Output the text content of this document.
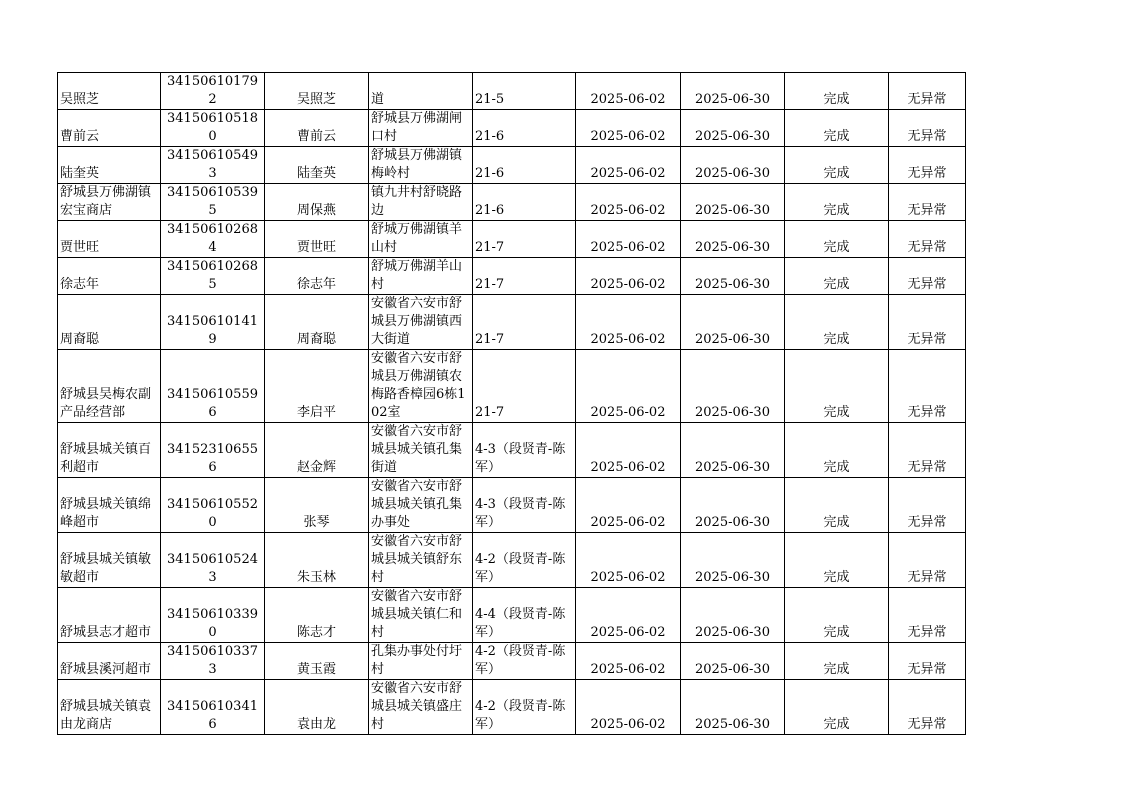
吴照芝	341506101792	吴照芝	道	21-5	2025-06-02	2025-06-30	完成	无异常
曹前云	341506105180	曹前云	舒城县万佛湖闸口村	21-6	2025-06-02	2025-06-30	完成	无异常
陆奎英	341506105493	陆奎英	舒城县万佛湖镇梅岭村	21-6	2025-06-02	2025-06-30	完成	无异常
舒城县万佛湖镇宏宝商店	341506105395	周保燕	镇九井村舒晓路边	21-6	2025-06-02	2025-06-30	完成	无异常
贾世旺	341506102684	贾世旺	舒城万佛湖镇羊山村	21-7	2025-06-02	2025-06-30	完成	无异常
徐志年	341506102685	徐志年	舒城万佛湖羊山村	21-7	2025-06-02	2025-06-30	完成	无异常
周裔聪	341506101419	周裔聪	安徽省六安市舒城县万佛湖镇西大街道	21-7	2025-06-02	2025-06-30	完成	无异常
舒城县吴梅农副产品经营部	341506105596	李启平	安徽省六安市舒城县万佛湖镇农梅路香樟园6栋102室	21-7	2025-06-02	2025-06-30	完成	无异常
舒城县城关镇百利超市	341523106556	赵金辉	安徽省六安市舒城县城关镇孔集街道	4-3（段贤青-陈军）	2025-06-02	2025-06-30	完成	无异常
舒城县城关镇绵峰超市	341506105520	张琴	安徽省六安市舒城县城关镇孔集办事处	4-3（段贤青-陈军）	2025-06-02	2025-06-30	完成	无异常
舒城县城关镇敏敏超市	341506105243	朱玉林	安徽省六安市舒城县城关镇舒东村	4-2（段贤青-陈军）	2025-06-02	2025-06-30	完成	无异常
舒城县志才超市	341506103390	陈志才	安徽省六安市舒城县城关镇仁和村	4-4（段贤青-陈军）	2025-06-02	2025-06-30	完成	无异常
舒城县溪河超市	341506103373	黄玉霞	孔集办事处付圩村	4-2（段贤青-陈军）	2025-06-02	2025-06-30	完成	无异常
舒城县城关镇袁由龙商店	341506103416	袁由龙	安徽省六安市舒城县城关镇盛庄村	4-2（段贤青-陈军）	2025-06-02	2025-06-30	完成	无异常
